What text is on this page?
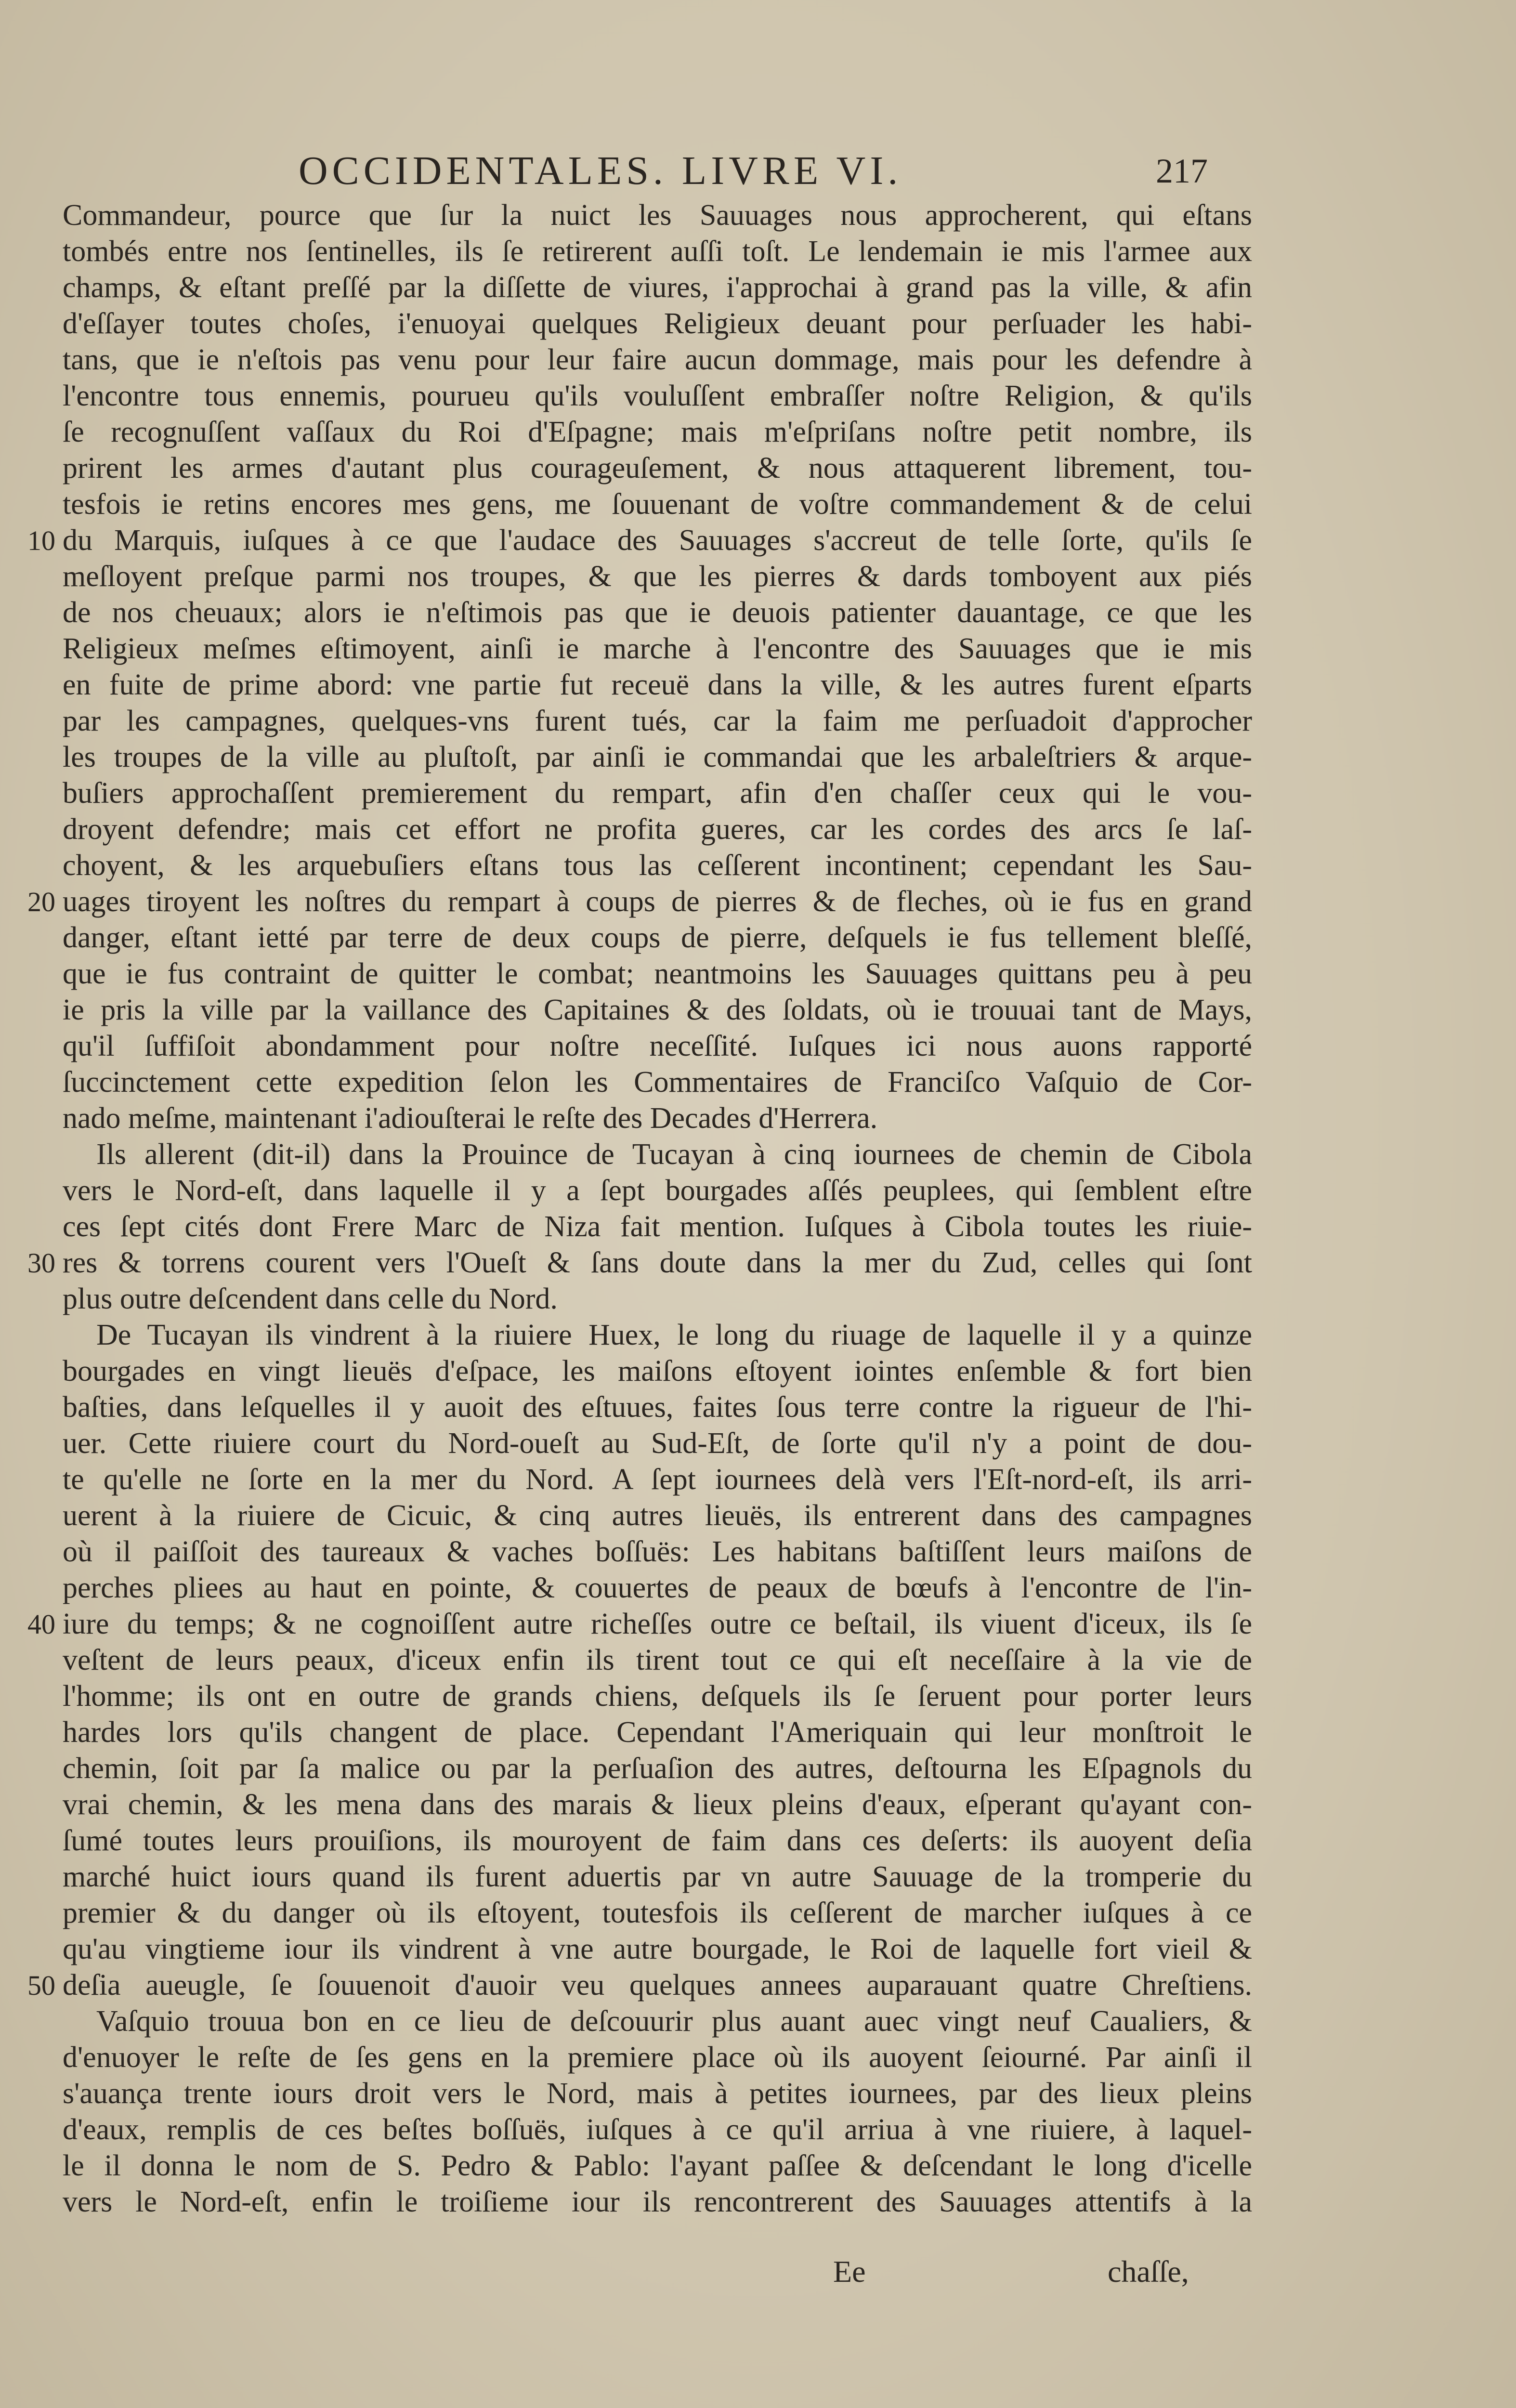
OCCIDENTALES. LIVRE VI.	217
Commandeur, pource que ſur la nuict les Sauuages nous approcherent, qui eſtans
tombés entre nos ſentinelles, ils ſe retirerent auſſi toſt. Le lendemain ie mis l'armee aux
champs, & eſtant preſſé par la diſſette de viures, i'approchai à grand pas la ville, & afin
d'eſſayer toutes choſes, i'enuoyai quelques Religieux deuant pour perſuader les habi-
tans, que ie n'eſtois pas venu pour leur faire aucun dommage, mais pour les defendre à
l'encontre tous ennemis, pourueu qu'ils vouluſſent embraſſer noſtre Religion, & qu'ils
ſe recognuſſent vaſſaux du Roi d'Eſpagne; mais m'eſpriſans noſtre petit nombre, ils
prirent les armes d'autant plus courageuſement, & nous attaquerent librement, tou-
tesfois ie retins encores mes gens, me ſouuenant de voſtre commandement & de celui
du Marquis, iuſques à ce que l'audace des Sauuages s'accreut de telle ſorte, qu'ils ſe
10
meſloyent preſque parmi nos troupes, & que les pierres & dards tomboyent aux piés
de nos cheuaux; alors ie n'eſtimois pas que ie deuois patienter dauantage, ce que les
Religieux meſmes eſtimoyent, ainſi ie marche à l'encontre des Sauuages que ie mis
en fuite de prime abord: vne partie fut receuë dans la ville, & les autres furent eſparts
par les campagnes, quelques-vns furent tués, car la faim me perſuadoit d'approcher
les troupes de la ville au pluſtoſt, par ainſi ie commandai que les arbaleſtriers & arque-
buſiers approchaſſent premierement du rempart, afin d'en chaſſer ceux qui le vou-
droyent defendre; mais cet effort ne profita gueres, car les cordes des arcs ſe laſ-
choyent, & les arquebuſiers eſtans tous las ceſſerent incontinent; cependant les Sau-
uages tiroyent les noſtres du rempart à coups de pierres & de fleches, où ie fus en grand
20
danger, eſtant ietté par terre de deux coups de pierre, deſquels ie fus tellement bleſſé,
que ie fus contraint de quitter le combat; neantmoins les Sauuages quittans peu à peu
ie pris la ville par la vaillance des Capitaines & des ſoldats, où ie trouuai tant de Mays,
qu'il ſuffiſoit abondamment pour noſtre neceſſité. Iuſques ici nous auons rapporté
ſuccinctement cette expedition ſelon les Commentaires de Franciſco Vaſquio de Cor-
nado meſme, maintenant i'adiouſterai le reſte des Decades d'Herrera.
Ils allerent (dit-il) dans la Prouince de Tucayan à cinq iournees de chemin de Cibola
vers le Nord-eſt, dans laquelle il y a ſept bourgades aſſés peuplees, qui ſemblent eſtre
ces ſept cités dont Frere Marc de Niza fait mention. Iuſques à Cibola toutes les riuie-
res & torrens courent vers l'Oueſt & ſans doute dans la mer du Zud, celles qui ſont
30
plus outre deſcendent dans celle du Nord.
De Tucayan ils vindrent à la riuiere Huex, le long du riuage de laquelle il y a quinze
bourgades en vingt lieuës d'eſpace, les maiſons eſtoyent iointes enſemble & fort bien
baſties, dans leſquelles il y auoit des eſtuues, faites ſous terre contre la rigueur de l'hi-
uer. Cette riuiere court du Nord-oueſt au Sud-Eſt, de ſorte qu'il n'y a point de dou-
te qu'elle ne ſorte en la mer du Nord. A ſept iournees delà vers l'Eſt-nord-eſt, ils arri-
uerent à la riuiere de Cicuic, & cinq autres lieuës, ils entrerent dans des campagnes
où il paiſſoit des taureaux & vaches boſſuës: Les habitans baſtiſſent leurs maiſons de
perches pliees au haut en pointe, & couuertes de peaux de bœufs à l'encontre de l'in-
iure du temps; & ne cognoiſſent autre richeſſes outre ce beſtail, ils viuent d'iceux, ils ſe
40
veſtent de leurs peaux, d'iceux enfin ils tirent tout ce qui eſt neceſſaire à la vie de
l'homme; ils ont en outre de grands chiens, deſquels ils ſe ſeruent pour porter leurs
hardes lors qu'ils changent de place. Cependant l'Ameriquain qui leur monſtroit le
chemin, ſoit par ſa malice ou par la perſuaſion des autres, deſtourna les Eſpagnols du
vrai chemin, & les mena dans des marais & lieux pleins d'eaux, eſperant qu'ayant con-
ſumé toutes leurs prouiſions, ils mouroyent de faim dans ces deſerts: ils auoyent deſia
marché huict iours quand ils furent aduertis par vn autre Sauuage de la tromperie du
premier & du danger où ils eſtoyent, toutesfois ils ceſſerent de marcher iuſques à ce
qu'au vingtieme iour ils vindrent à vne autre bourgade, le Roi de laquelle fort vieil &
deſia aueugle, ſe ſouuenoit d'auoir veu quelques annees auparauant quatre Chreſtiens.
50
Vaſquio trouua bon en ce lieu de deſcouurir plus auant auec vingt neuf Caualiers, &
d'enuoyer le reſte de ſes gens en la premiere place où ils auoyent ſeiourné. Par ainſi il
s'auança trente iours droit vers le Nord, mais à petites iournees, par des lieux pleins
d'eaux, remplis de ces beſtes boſſuës, iuſques à ce qu'il arriua à vne riuiere, à laquel-
le il donna le nom de S. Pedro & Pablo: l'ayant paſſee & deſcendant le long d'icelle
vers le Nord-eſt, enfin le troiſieme iour ils rencontrerent des Sauuages attentifs à la
Ee	chaſſe,
